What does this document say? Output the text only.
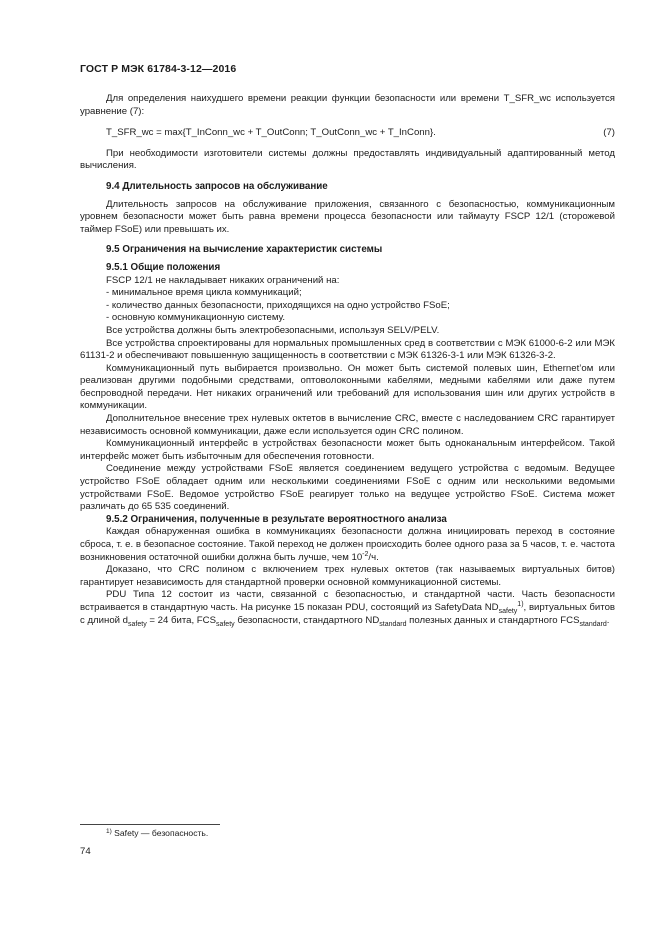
ГОСТ Р МЭК 61784-3-12—2016

Для определения наихудшего времени реакции функции безопасности или времени T_SFR_wc используется уравнение (7):

T_SFR_wc = max{T_InConn_wc + T_OutConn; T_OutConn_wc + T_InConn}.	(7)

При необходимости изготовители системы должны предоставлять индивидуальный адаптированный метод вычисления.

9.4 Длительность запросов на обслуживание

Длительность запросов на обслуживание приложения, связанного с безопасностью, коммуникационным уровнем безопасности может быть равна времени процесса безопасности или таймауту FSCP 12/1 (сторожевой таймер FSoE) или превышать их.

9.5 Ограничения на вычисление характеристик системы
9.5.1 Общие положения

FSCP 12/1 не накладывает никаких ограничений на:

- минимальное время цикла коммуникаций;

- количество данных безопасности, приходящихся на одно устройство FSoE;

- основную коммуникационную систему.

Все устройства должны быть электробезопасными, используя SELV/PELV.

Все устройства спроектированы для нормальных промышленных сред в соответствии с МЭК 61000-6-2 или МЭК 61131-2 и обеспечивают повышенную защищенность в соответствии с МЭК 61326-3-1 или МЭК 61326-3-2.

Коммуникационный путь выбирается произвольно. Он может быть системой полевых шин, Ethernet’ом или реализован другими подобными средствами, оптоволоконными кабелями, медными кабелями или даже путем беспроводной передачи. Нет никаких ограничений или требований для использования шин или других устройств в коммуникации.

Дополнительное внесение трех нулевых октетов в вычисление CRC, вместе с наследованием CRC гарантирует независимость основной коммуникации, даже если используется один CRC полином.

Коммуникационный интерфейс в устройствах безопасности может быть одноканальным интерфейсом. Такой интерфейс может быть избыточным для обеспечения готовности.

Соединение между устройствами FSoE является соединением ведущего устройства с ведомым. Ведущее устройство FSoE обладает одним или несколькими соединениями FSoE с одним или несколькими ведомыми устройствами FSoE. Ведомое устройство FSoE реагирует только на ведущее устройство FSoE. Система может различать до 65 535 соединений.

9.5.2 Ограничения, полученные в результате вероятностного анализа

Каждая обнаруженная ошибка в коммуникациях безопасности должна инициировать переход в состояние сброса, т. е. в безопасное состояние. Такой переход не должен происходить более одного раза за 5 часов, т. е. частота возникновения остаточной ошибки должна быть лучше, чем $10^{-2}/ч$.

Доказано, что CRC полином с включением трех нулевых октетов (так называемых виртуальных битов) гарантирует независимость для стандартной проверки основной коммуникационной системы.

PDU Типа 12 состоит из части, связанной с безопасностью, и стандартной части. Часть безопасности встраивается в стандартную часть. На рисунке 15 показан PDU, состоящий из SafetyData $ND_{safety}^{1)}$, виртуальных битов с длиной $d_{safety} = 24$ бита, $FCS_{safety}$ безопасности, стандартного $ND_{standard}$ полезных данных и стандартного $FCS_{standard}$.

$^{1)}$ Safety — безопасность.
74
